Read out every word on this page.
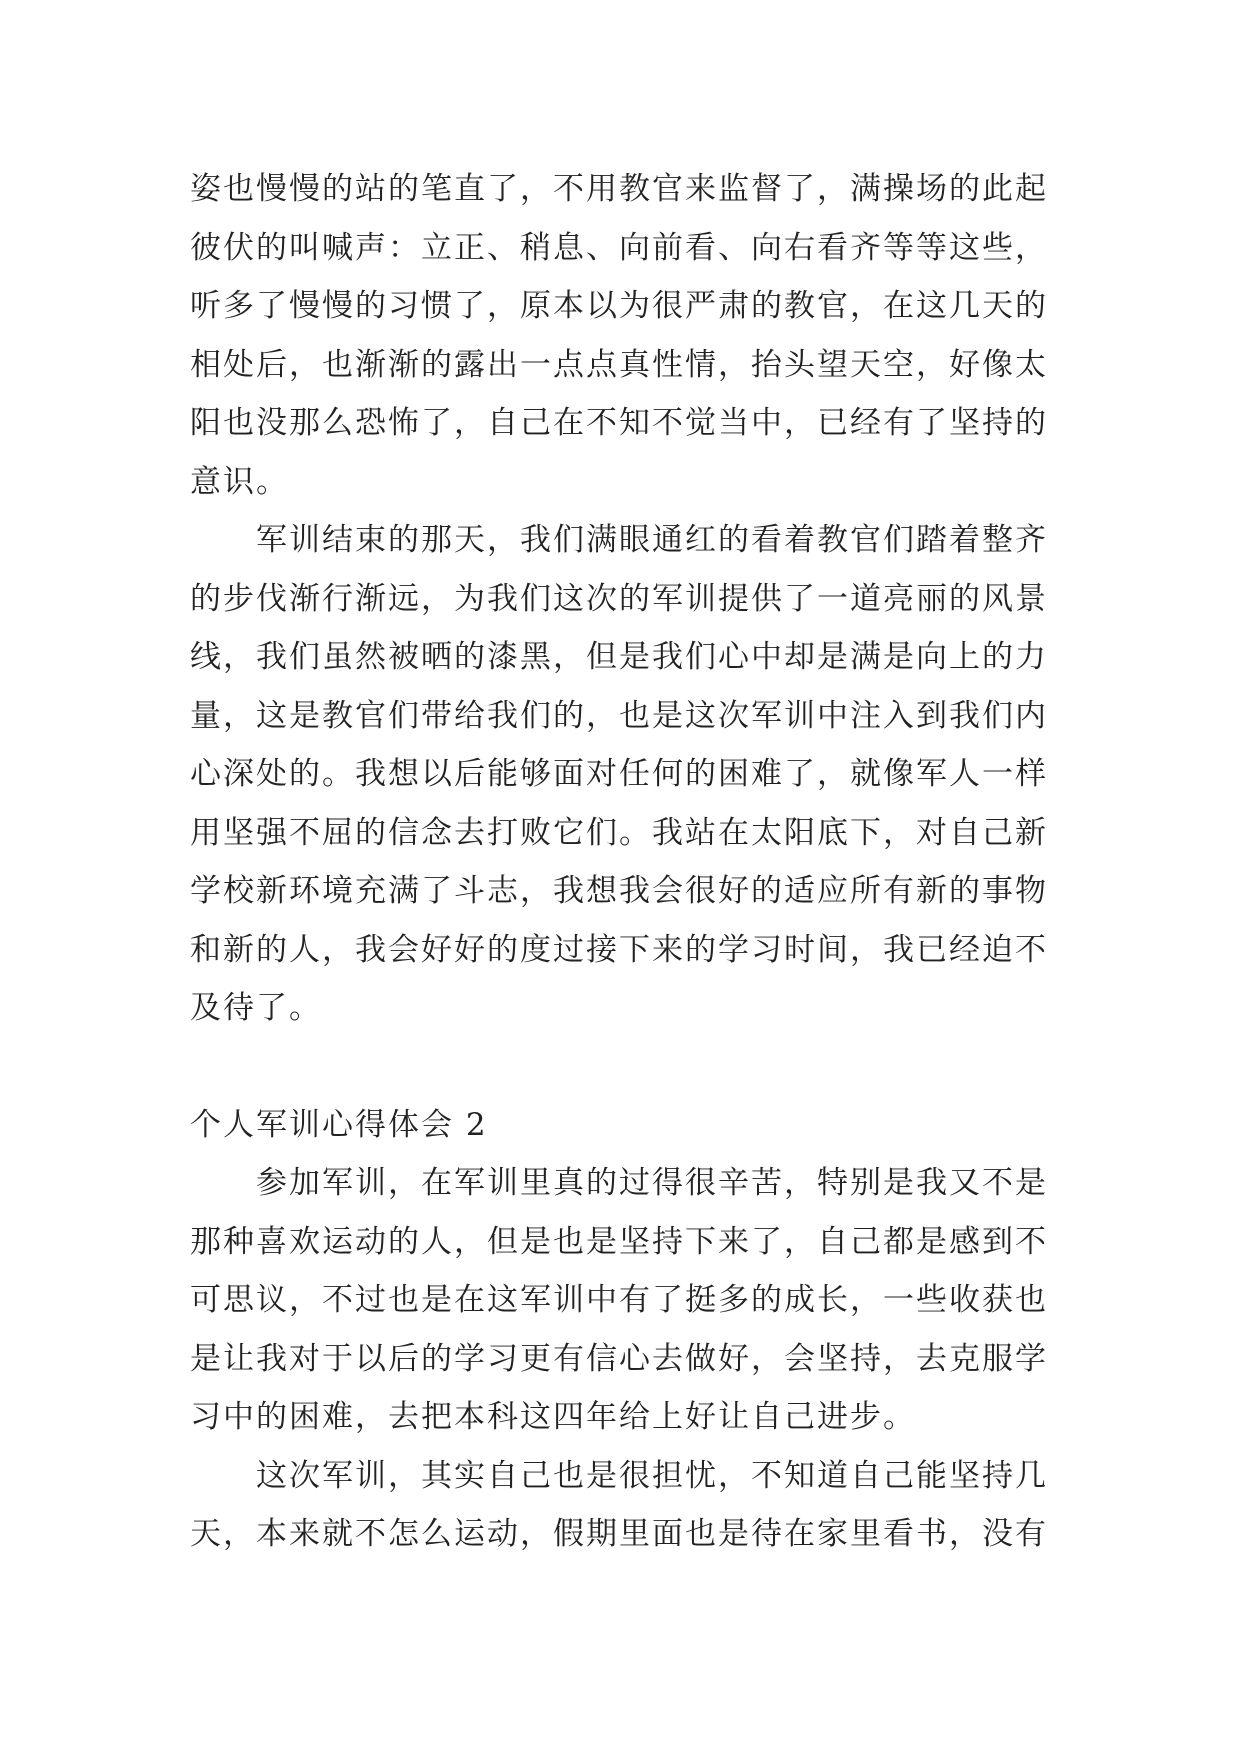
姿也慢慢的站的笔直了，不用教官来监督了，满操场的此起彼伏的叫喊声：立正、稍息、向前看、向右看齐等等这些，听多了慢慢的习惯了，原本以为很严肃的教官，在这几天的相处后，也渐渐的露出一点点真性情，抬头望天空，好像太阳也没那么恐怖了，自己在不知不觉当中，已经有了坚持的意识。

　　军训结束的那天，我们满眼通红的看着教官们踏着整齐的步伐渐行渐远，为我们这次的军训提供了一道亮丽的风景线，我们虽然被晒的漆黑，但是我们心中却是满是向上的力量，这是教官们带给我们的，也是这次军训中注入到我们内心深处的。我想以后能够面对任何的困难了，就像军人一样用坚强不屈的信念去打败它们。我站在太阳底下，对自己新学校新环境充满了斗志，我想我会很好的适应所有新的事物和新的人，我会好好的度过接下来的学习时间，我已经迫不及待了。

个人军训心得体会 2

　　参加军训，在军训里真的过得很辛苦，特别是我又不是那种喜欢运动的人，但是也是坚持下来了，自己都是感到不可思议，不过也是在这军训中有了挺多的成长，一些收获也是让我对于以后的学习更有信心去做好，会坚持，去克服学习中的困难，去把本科这四年给上好让自己进步。

　　这次军训，其实自己也是很担忧，不知道自己能坚持几天，本来就不怎么运动，假期里面也是待在家里看书，没有
